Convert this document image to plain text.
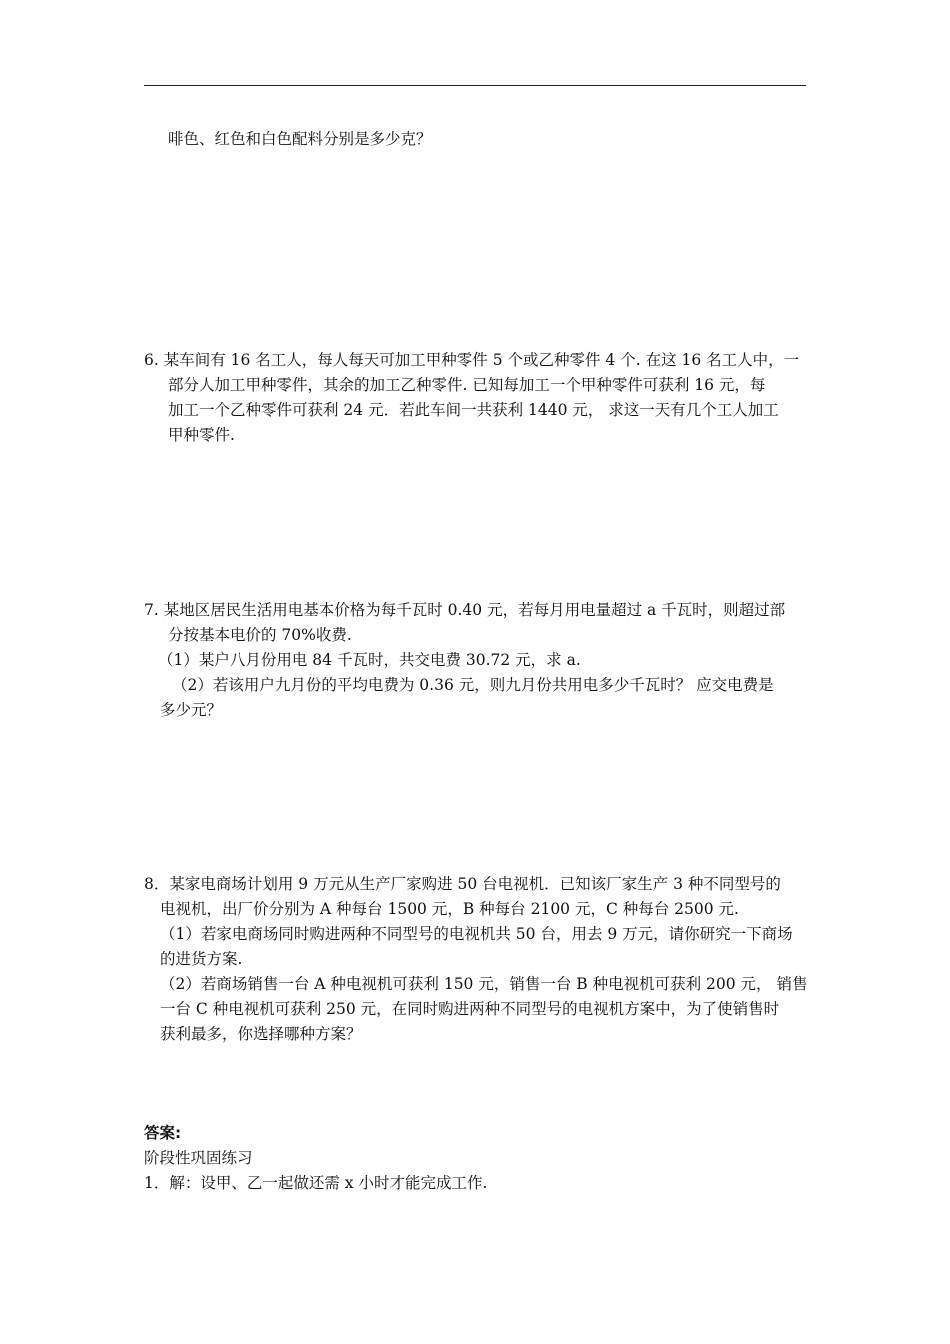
啡色、红色和白色配料分别是多少克？
6. 某车间有 16 名工人，每人每天可加工甲种零件 5 个或乙种零件 4 个. 在这 16 名工人中，一
部分人加工甲种零件，其余的加工乙种零件. 已知每加工一个甲种零件可获利 16 元，每
加工一个乙种零件可获利 24 元．若此车间一共获利 1440 元， 求这一天有几个工人加工
甲种零件.
7. 某地区居民生活用电基本价格为每千瓦时 0.40 元，若每月用电量超过 a 千瓦时，则超过部
分按基本电价的 70%收费.
（1）某户八月份用电 84 千瓦时，共交电费 30.72 元，求 a.
（2）若该用户九月份的平均电费为 0.36 元，则九月份共用电多少千瓦时？ 应交电费是
多少元？
8．某家电商场计划用 9 万元从生产厂家购进 50 台电视机．已知该厂家生产 3 种不同型号的
电视机，出厂价分别为 A 种每台 1500 元，B 种每台 2100 元，C 种每台 2500 元.
（1）若家电商场同时购进两种不同型号的电视机共 50 台，用去 9 万元，请你研究一下商场
的进货方案.
（2）若商场销售一台 A 种电视机可获利 150 元，销售一台 B 种电视机可获利 200 元， 销售
一台 C 种电视机可获利 250 元，在同时购进两种不同型号的电视机方案中，为了使销售时
获利最多，你选择哪种方案？
答案:
阶段性巩固练习
1．解：设甲、乙一起做还需 x 小时才能完成工作.
